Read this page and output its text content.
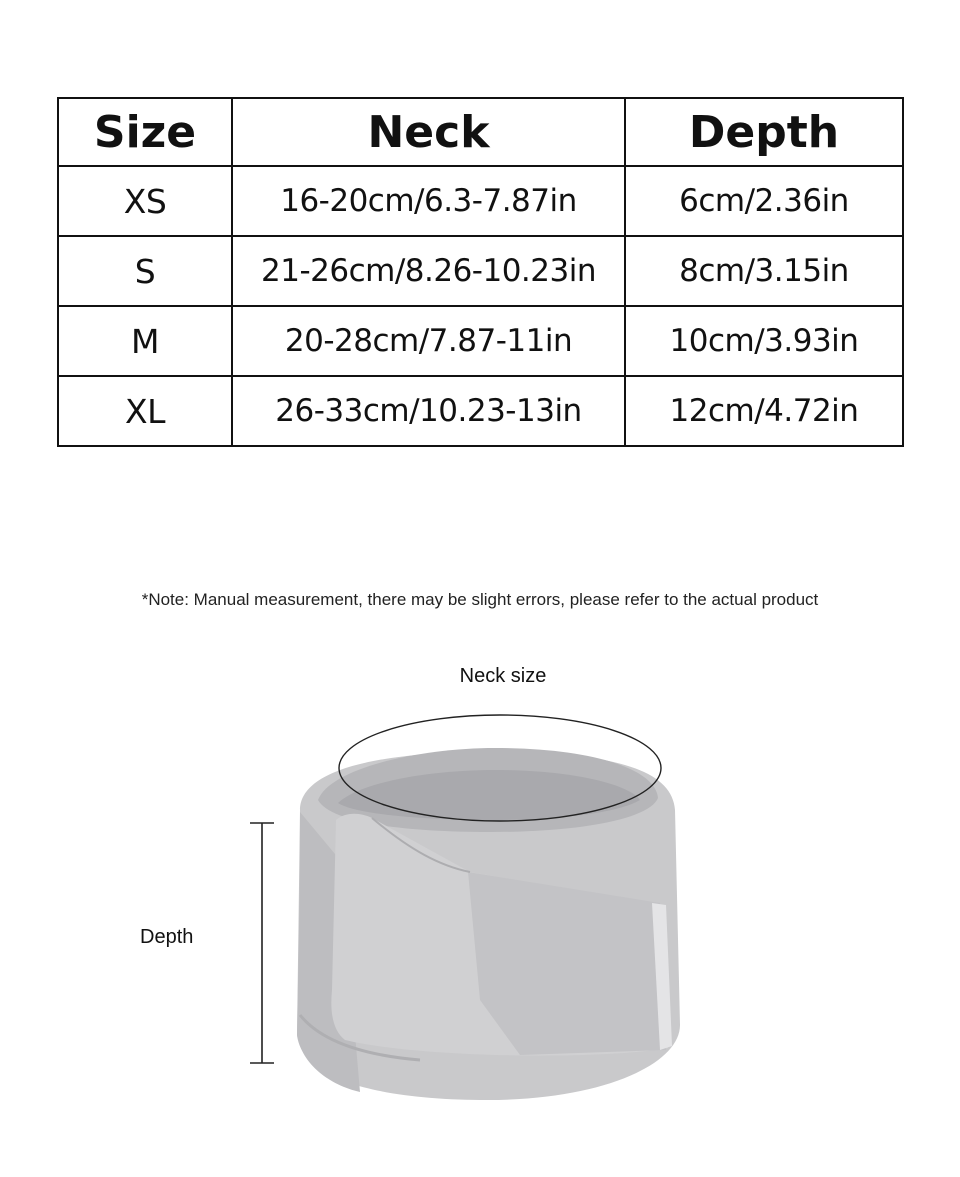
Size	Neck	Depth
XS	16-20cm/6.3-7.87in	6cm/2.36in
S	21-26cm/8.26-10.23in	8cm/3.15in
M	20-28cm/7.87-11in	10cm/3.93in
XL	26-33cm/10.23-13in	12cm/4.72in
*Note: Manual measurement, there may be slight errors, please refer to the actual product
Neck size
Depth
